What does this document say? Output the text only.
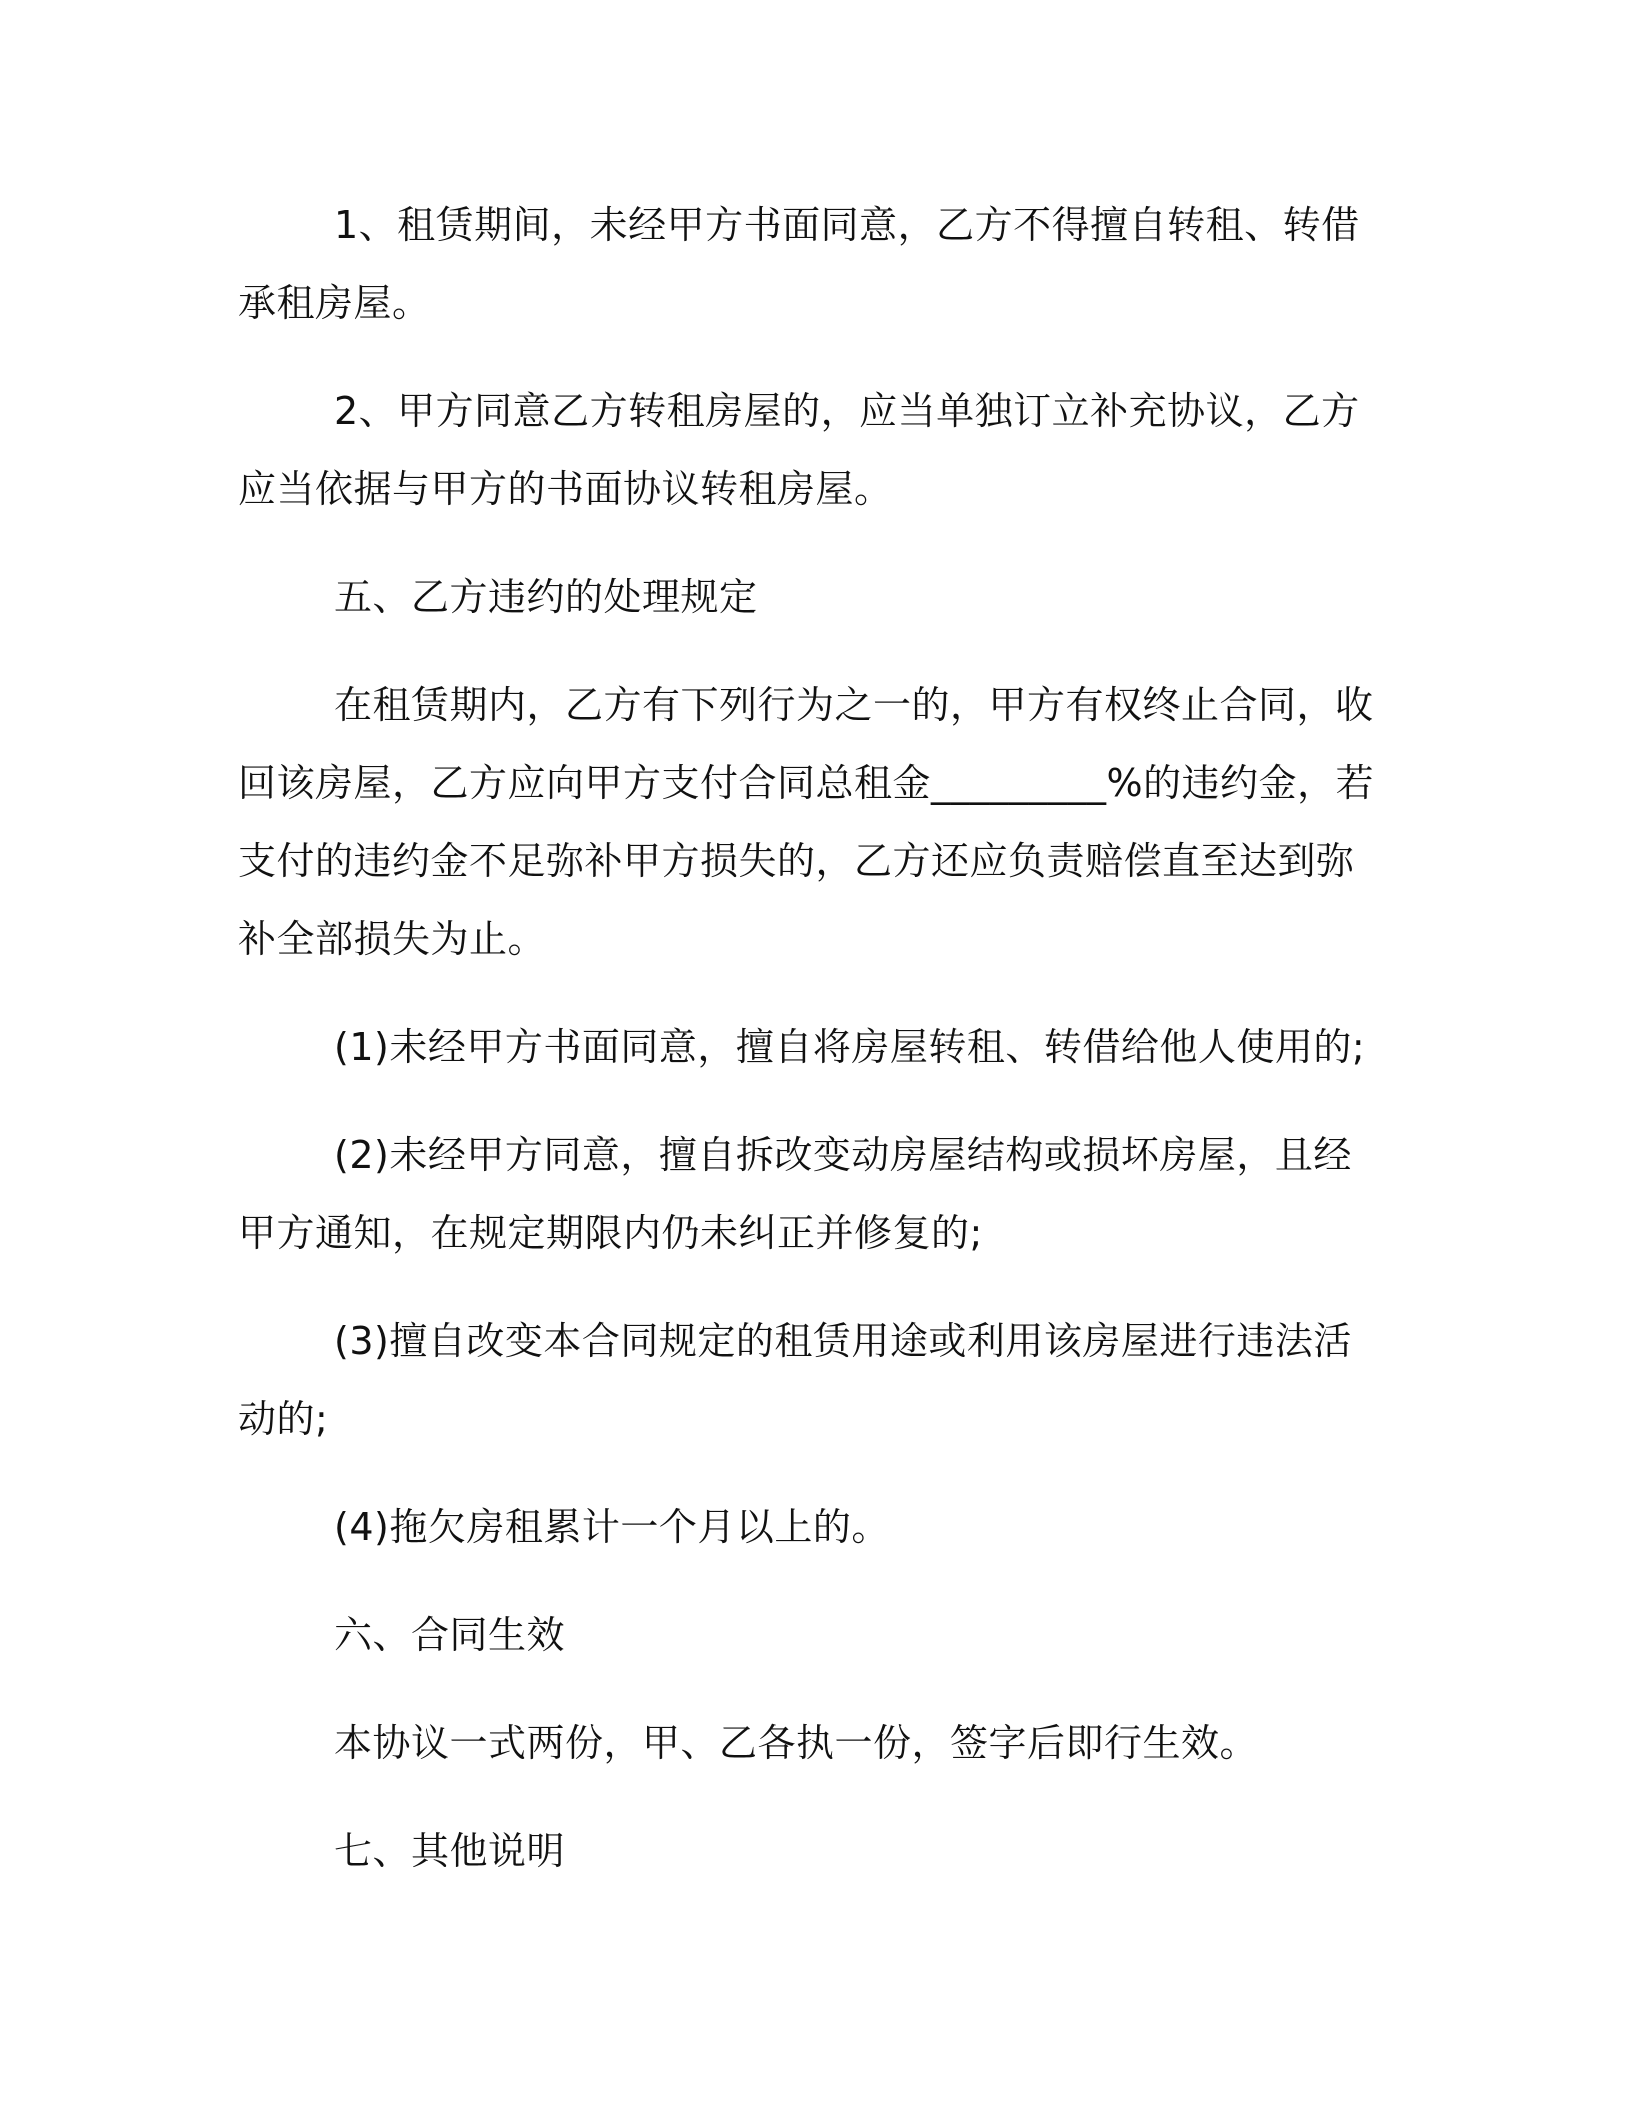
1、租赁期间，未经甲方书面同意，乙方不得擅自转租、转借承租房屋。

2、甲方同意乙方转租房屋的，应当单独订立补充协议，乙方应当依据与甲方的书面协议转租房屋。

五、乙方违约的处理规定

在租赁期内，乙方有下列行为之一的，甲方有权终止合同，收回该房屋，乙方应向甲方支付合同总租金_________%的违约金，若支付的违约金不足弥补甲方损失的，乙方还应负责赔偿直至达到弥补全部损失为止。

(1)未经甲方书面同意，擅自将房屋转租、转借给他人使用的;

(2)未经甲方同意，擅自拆改变动房屋结构或损坏房屋，且经甲方通知，在规定期限内仍未纠正并修复的;

(3)擅自改变本合同规定的租赁用途或利用该房屋进行违法活动的;

(4)拖欠房租累计一个月以上的。

六、合同生效

本协议一式两份，甲、乙各执一份，签字后即行生效。

七、其他说明
